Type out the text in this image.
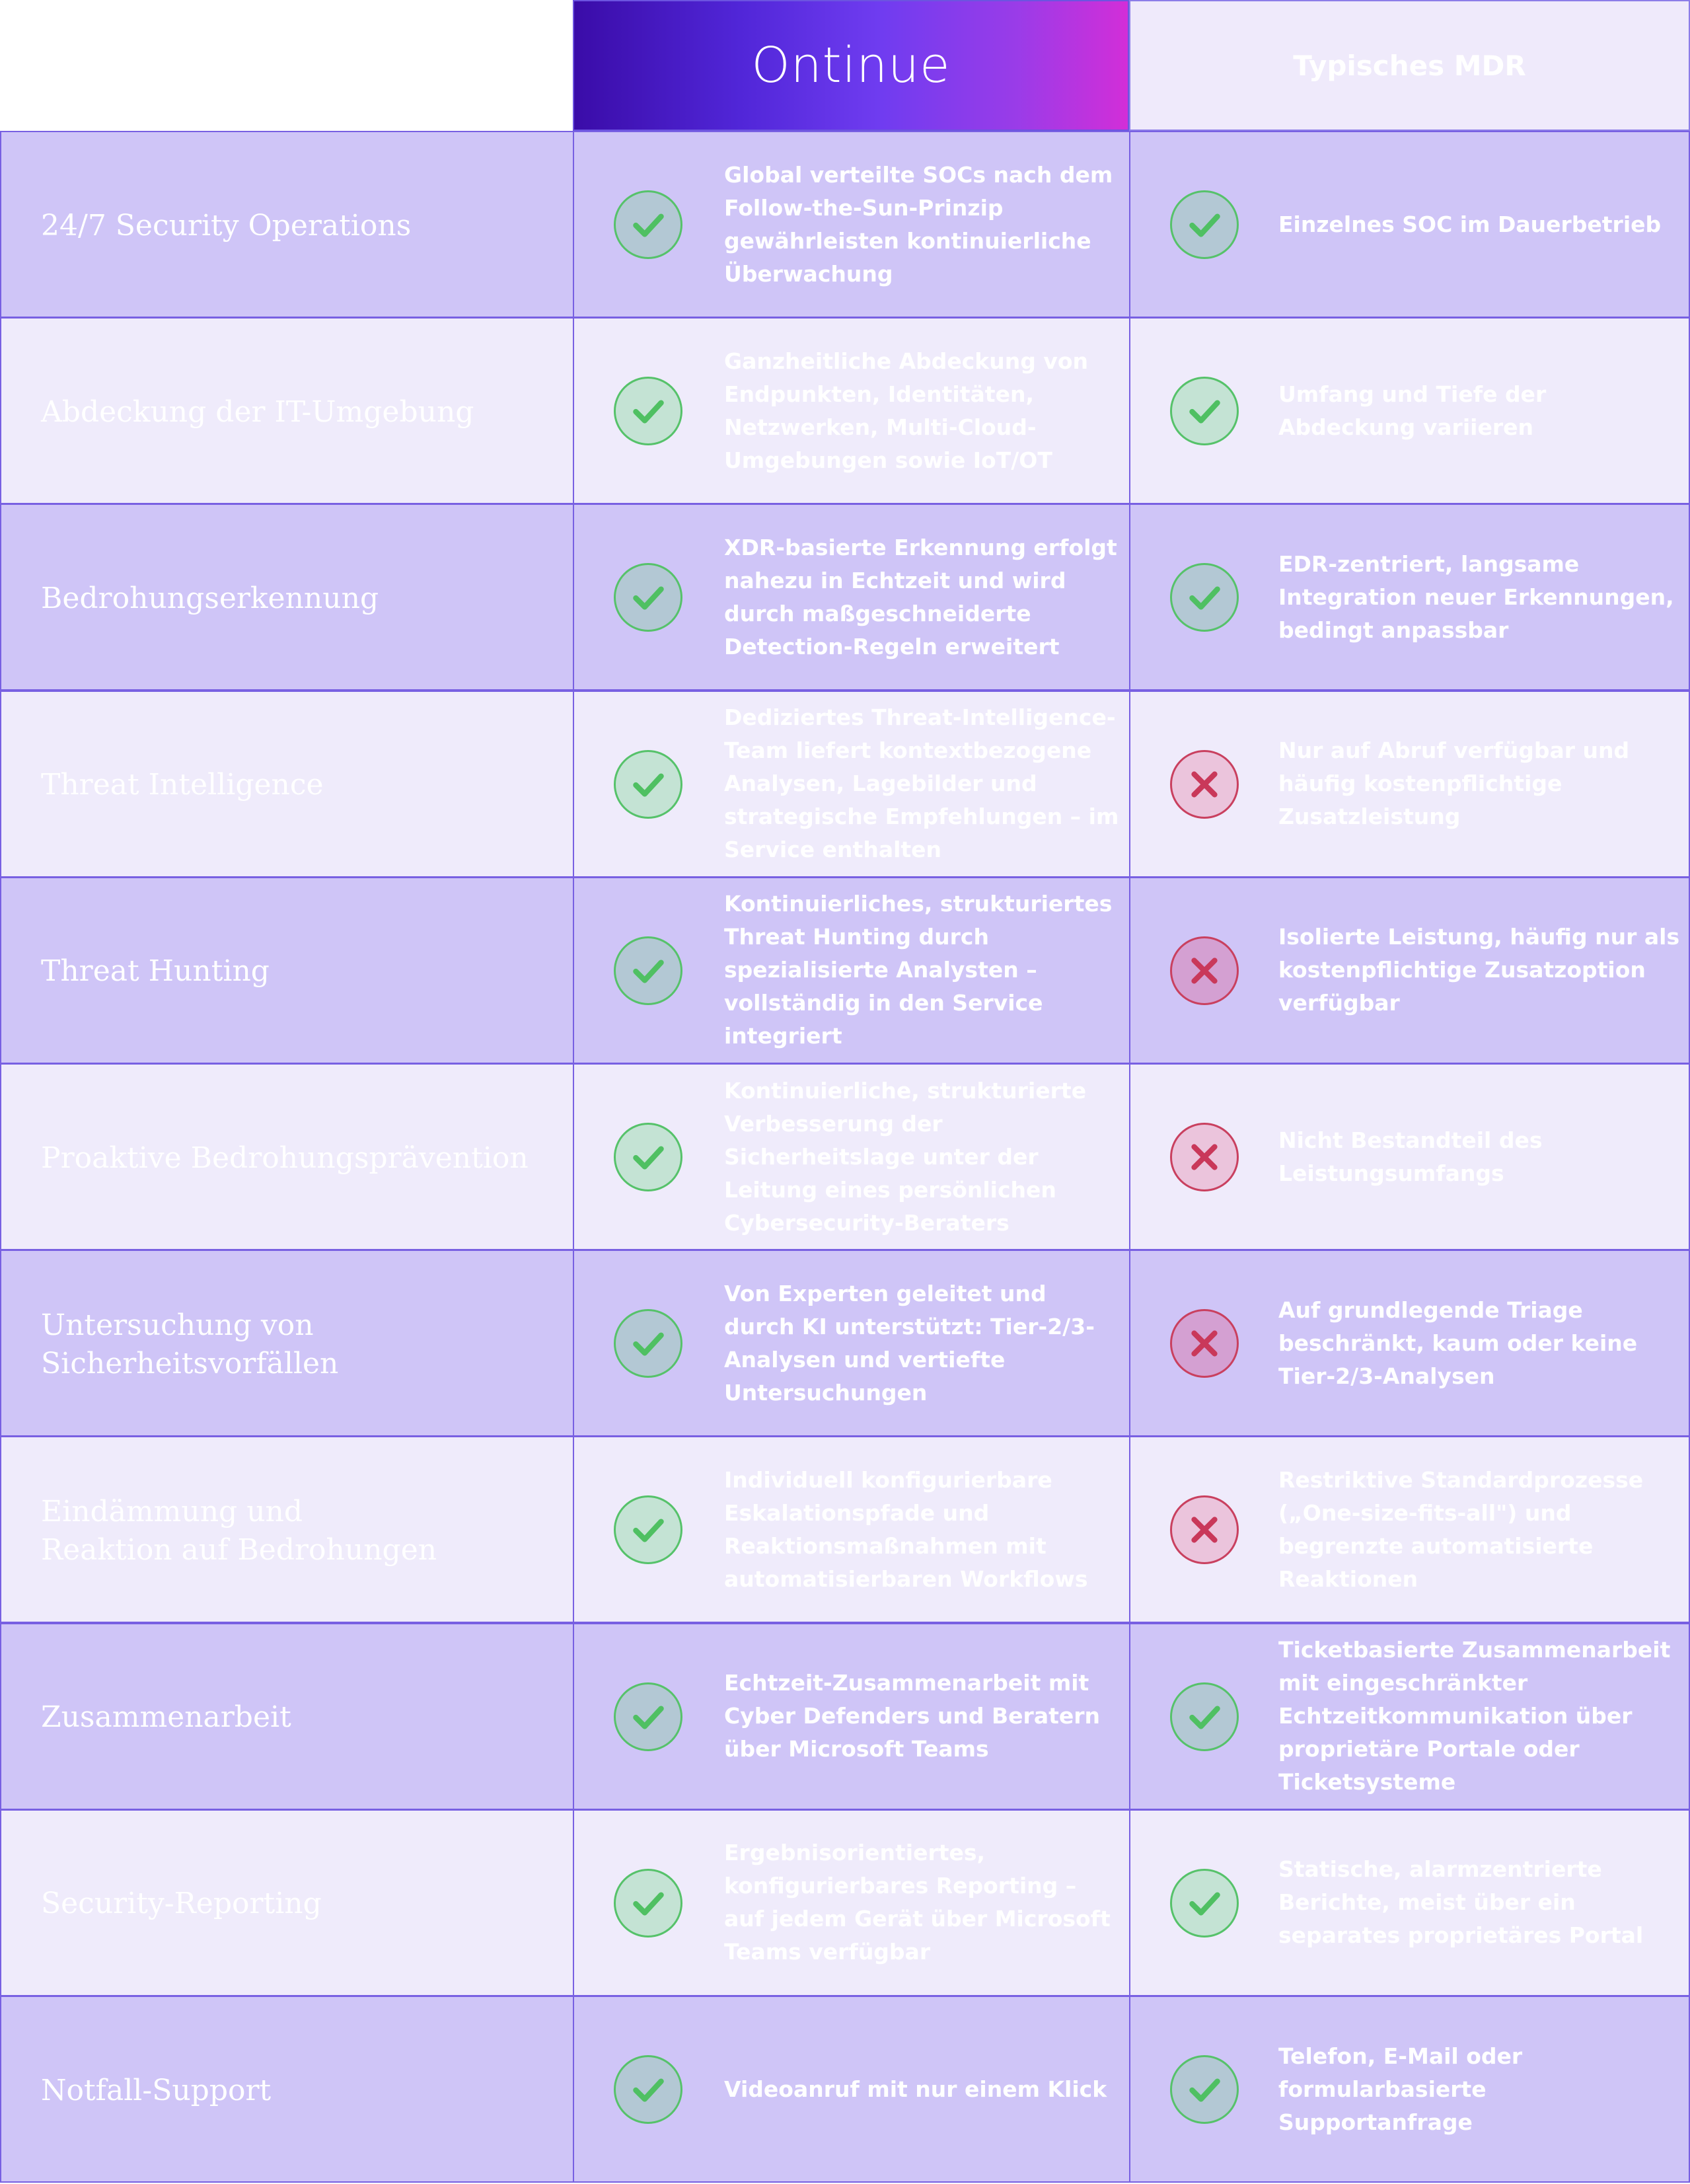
Ontinue	Typisches MDR
24/7 Security Operations
Global verteilte SOCs nach dem Follow-the-Sun-Prinzip gewährleisten kontinuierliche Überwachung
Einzelnes SOC im Dauerbetrieb
Abdeckung der IT-Umgebung
Ganzheitliche Abdeckung von Endpunkten, Identitäten, Netzwerken, Multi-Cloud-Umgebungen sowie IoT/OT
Umfang und Tiefe der Abdeckung variieren
Bedrohungserkennung
XDR-basierte Erkennung erfolgt nahezu in Echtzeit und wird durch maßgeschneiderte Detection-Regeln erweitert
EDR-zentriert, langsame Integration neuer Erkennungen, bedingt anpassbar
Threat Intelligence
Dediziertes Threat-Intelligence-Team liefert kontextbezogene Analysen, Lagebilder und strategische Empfehlungen – im Service enthalten
Nur auf Abruf verfügbar und häufig kostenpflichtige Zusatzleistung
Threat Hunting
Kontinuierliches, strukturiertes Threat Hunting durch spezialisierte Analysten – vollständig in den Service integriert
Isolierte Leistung, häufig nur als kostenpflichtige Zusatzoption verfügbar
Proaktive Bedrohungsprävention
Kontinuierliche, strukturierte Verbesserung der Sicherheitslage unter der Leitung eines persönlichen Cybersecurity-Beraters
Nicht Bestandteil des Leistungsumfangs
Untersuchung von
Sicherheitsvorfällen
Von Experten geleitet und durch KI unterstützt: Tier-2/3-Analysen und vertiefte Untersuchungen
Auf grundlegende Triage beschränkt, kaum oder keine Tier-2/3-Analysen
Eindämmung und
Reaktion auf Bedrohungen
Individuell konfigurierbare Eskalationspfade und Reaktionsmaßnahmen mit automatisierbaren Workflows
Restriktive Standardprozesse („One-size-fits-all") und begrenzte automatisierte Reaktionen
Zusammenarbeit
Echtzeit-Zusammenarbeit mit Cyber Defenders und Beratern über Microsoft Teams
Ticketbasierte Zusammenarbeit mit eingeschränkter Echtzeitkommunikation über proprietäre Portale oder Ticketsysteme
Security-Reporting
Ergebnisorientiertes, konfigurierbares Reporting – auf jedem Gerät über Microsoft Teams verfügbar
Statische, alarmzentrierte Berichte, meist über ein separates proprietäres Portal
Notfall-Support	Videoanruf mit nur einem Klick
Telefon, E-Mail oder formularbasierte Supportanfrage
